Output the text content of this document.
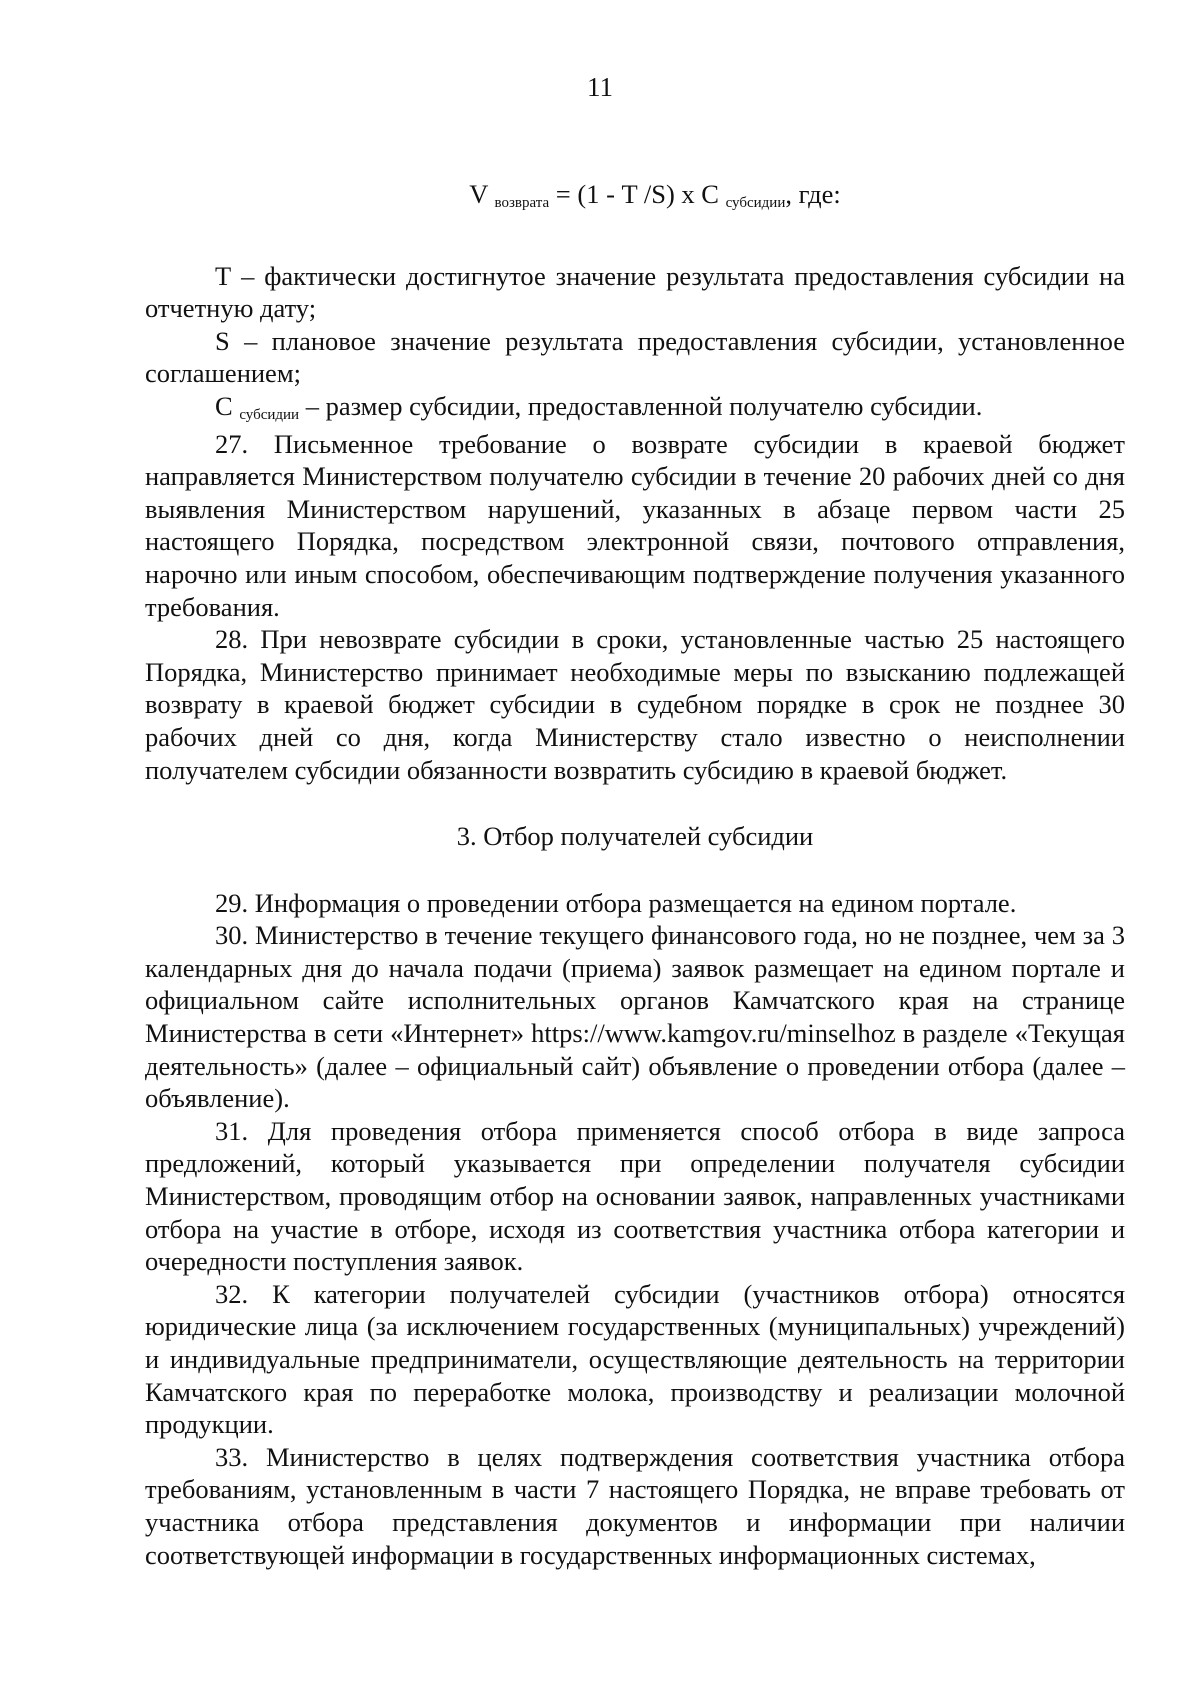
11
V $_{возврата}$ = (1 - T /S) x C $_{субсидии}$, где:

Т – фактически достигнутое значение результата предоставления субсидии на отчетную дату;

S – плановое значение результата предоставления субсидии, установленное соглашением;

С субсидии – размер субсидии, предоставленной получателю субсидии.

27. Письменное требование о возврате субсидии в краевой бюджет направляется Министерством получателю субсидии в течение 20 рабочих дней со дня выявления Министерством нарушений, указанных в абзаце первом части 25 настоящего Порядка, посредством электронной связи, почтового отправления, нарочно или иным способом, обеспечивающим подтверждение получения указанного требования.

28. При невозврате субсидии в сроки, установленные частью 25 настоящего Порядка, Министерство принимает необходимые меры по взысканию подлежащей возврату в краевой бюджет субсидии в судебном порядке в срок не позднее 30 рабочих дней со дня, когда Министерству стало известно о неисполнении получателем субсидии обязанности возвратить субсидию в краевой бюджет.

3. Отбор получателей субсидии

29. Информация о проведении отбора размещается на едином портале.

30. Министерство в течение текущего финансового года, но не позднее, чем за 3 календарных дня до начала подачи (приема) заявок размещает на едином портале и официальном сайте исполнительных органов Камчатского края на странице Министерства в сети «Интернет» https://www.kamgov.ru/minselhoz в разделе «Текущая деятельность» (далее – официальный сайт) объявление о проведении отбора (далее – объявление).

31. Для проведения отбора применяется способ отбора в виде запроса предложений, который указывается при определении получателя субсидии Министерством, проводящим отбор на основании заявок, направленных участниками отбора на участие в отборе, исходя из соответствия участника отбора категории и очередности поступления заявок.

32. К категории получателей субсидии (участников отбора) относятся юридические лица (за исключением государственных (муниципальных) учреждений) и индивидуальные предприниматели, осуществляющие деятельность на территории Камчатского края по переработке молока, производству и реализации молочной продукции.

33. Министерство в целях подтверждения соответствия участника отбора требованиям, установленным в части 7 настоящего Порядка, не вправе требовать от участника отбора представления документов и информации при наличии соответствующей информации в государственных информационных системах,
